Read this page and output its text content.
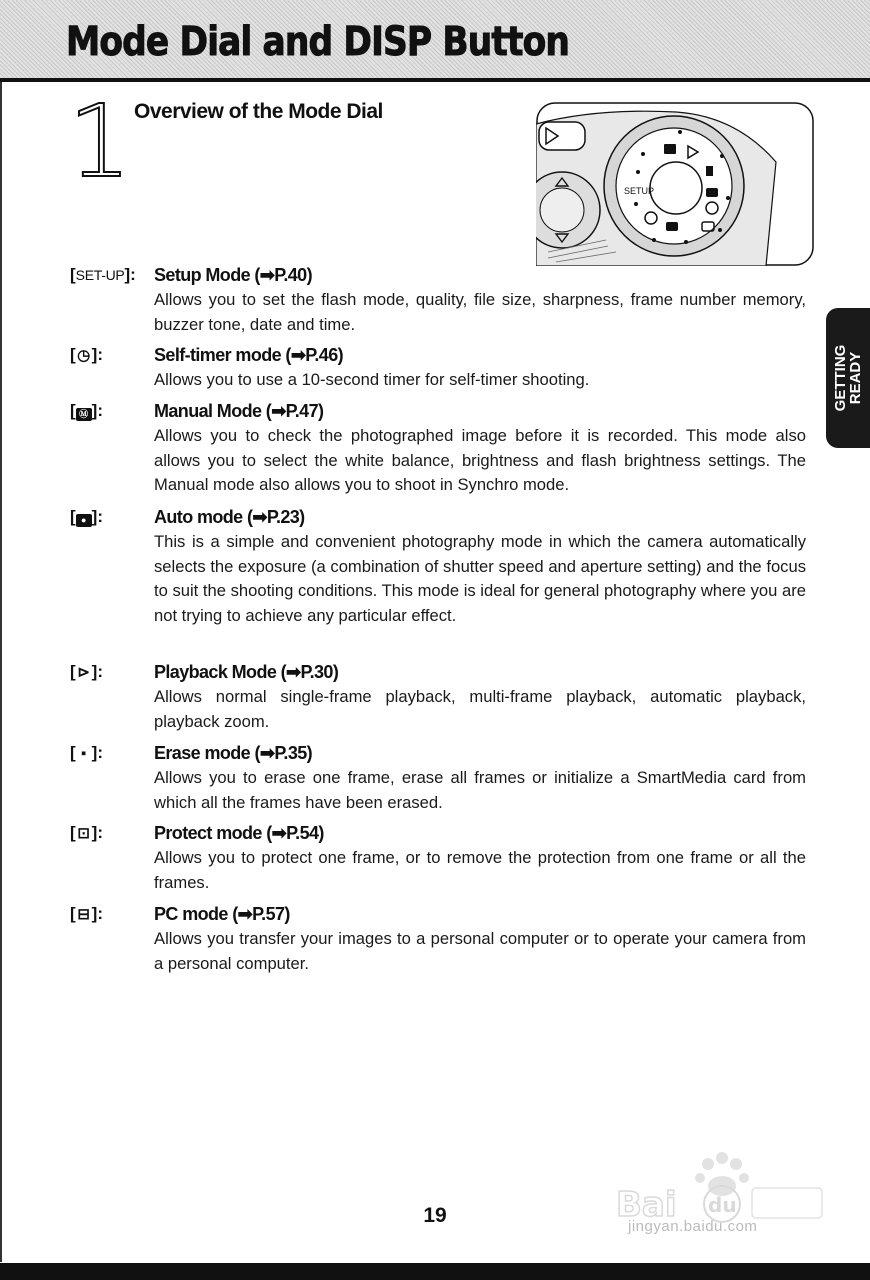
Mode Dial and DISP Button
1 Overview of the Mode Dial
SETUP
GETTING
READY
[SET-UP]: Setup Mode (➡P.40)
Allows you to set the flash mode, quality, file size, sharpness, frame number memory, buzzer tone, date and time.
[◷]:	Self-timer mode (➡P.46)
Allows you to use a 10-second timer for self-timer shooting.
[ Ⓜ ]:	Manual Mode (➡P.47)
Allows you to check the photographed image before it is recorded. This mode also allows you to select the white balance, brightness and flash brightness settings. The Manual mode also allows you to shoot in Synchro mode.
[ ● ]:	Auto mode (➡P.23)
This is a simple and convenient photography mode in which the camera automatically selects the exposure (a combination of shutter speed and aperture setting) and the focus to suit the shooting conditions. This mode is ideal for general photography where you are not trying to achieve any particular effect.
[ ⊳ ]:	Playback Mode (➡P.30)
Allows normal single-frame playback, multi-frame playback, automatic playback, playback zoom.
[ ▪ ]:	Erase mode (➡P.35)
Allows you to erase one frame, erase all frames or initialize a SmartMedia card from which all the frames have been erased.
[ ⊡ ]:	Protect mode (➡P.54)
Allows you to protect one frame, or to remove the protection from one frame or all the frames.
[ ⊟ ]:	PC mode (➡P.57)
Allows you transfer your images to a personal computer or to operate your camera from a personal computer.
19	Bai du
jingyan.baidu.com
